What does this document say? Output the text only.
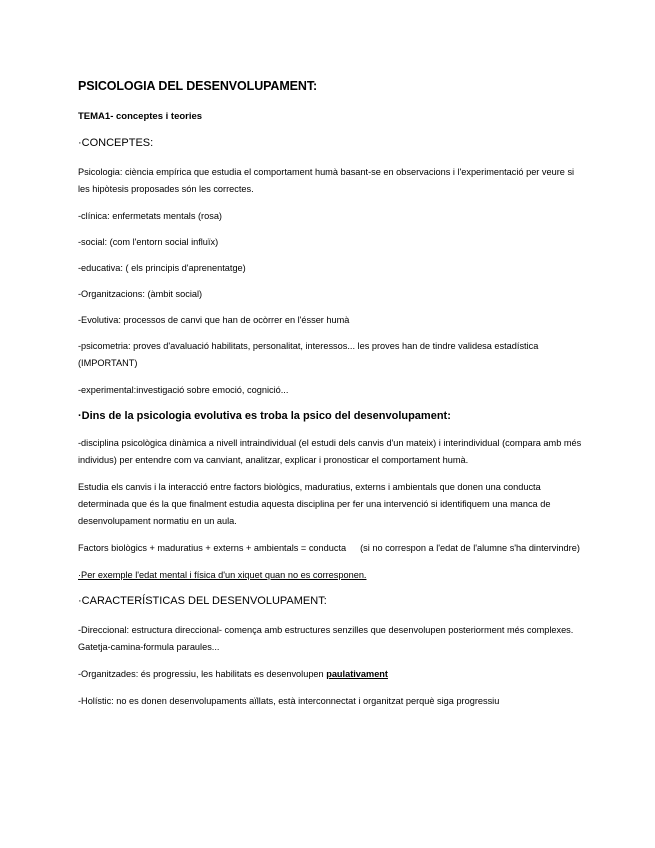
PSICOLOGIA DEL DESENVOLUPAMENT:
TEMA1- conceptes i teories
·CONCEPTES:

Psicologia: ciència empírica que estudia el comportament humà basant-se en observacions i l'experimentació per veure si les hipòtesis proposades són les correctes.

-clínica: enfermetats mentals (rosa)

-social: (com l'entorn social influïx)

-educativa: ( els principis d'aprenentatge)

-Organitzacions: (àmbit social)

-Evolutiva: processos de canvi que han de ocòrrer en l'ésser humà

-psicometria: proves d'avaluació habilitats, personalitat, interessos... les proves han de tindre validesa estadística (IMPORTANT)

-experimental:investigació sobre emoció, cognició...

·Dins de la psicologia evolutiva es troba la psico del desenvolupament:

-disciplina psicològica dinàmica a nivell intraindividual (el estudi dels canvis d'un mateix) i interindividual (compara amb més individus) per entendre com va canviant, analitzar, explicar i pronosticar el comportament humà.

Estudia els canvis i la interacció entre factors biològics, maduratius, externs i ambientals que donen una conducta determinada que és la que finalment estudia aquesta disciplina per fer una intervenció si identifiquem una manca de desenvolupament normatiu en un aula.

Factors biològics + maduratius + externs + ambientals = conducta (si no correspon a l'edat de l'alumne s'ha dintervindre)

·Per exemple l'edat mental i física d'un xiquet quan no es corresponen.

·CARACTERÍSTICAS DEL DESENVOLUPAMENT:

-Direccional: estructura direccional- comença amb estructures senzilles que desenvolupen posteriorment més complexes. Gatetja-camina-formula paraules...

-Organitzades: és progressiu, les habilitats es desenvolupen paulativament

-Holístic: no es donen desenvolupaments aïllats, està interconnectat i organitzat perquè siga progressiu
